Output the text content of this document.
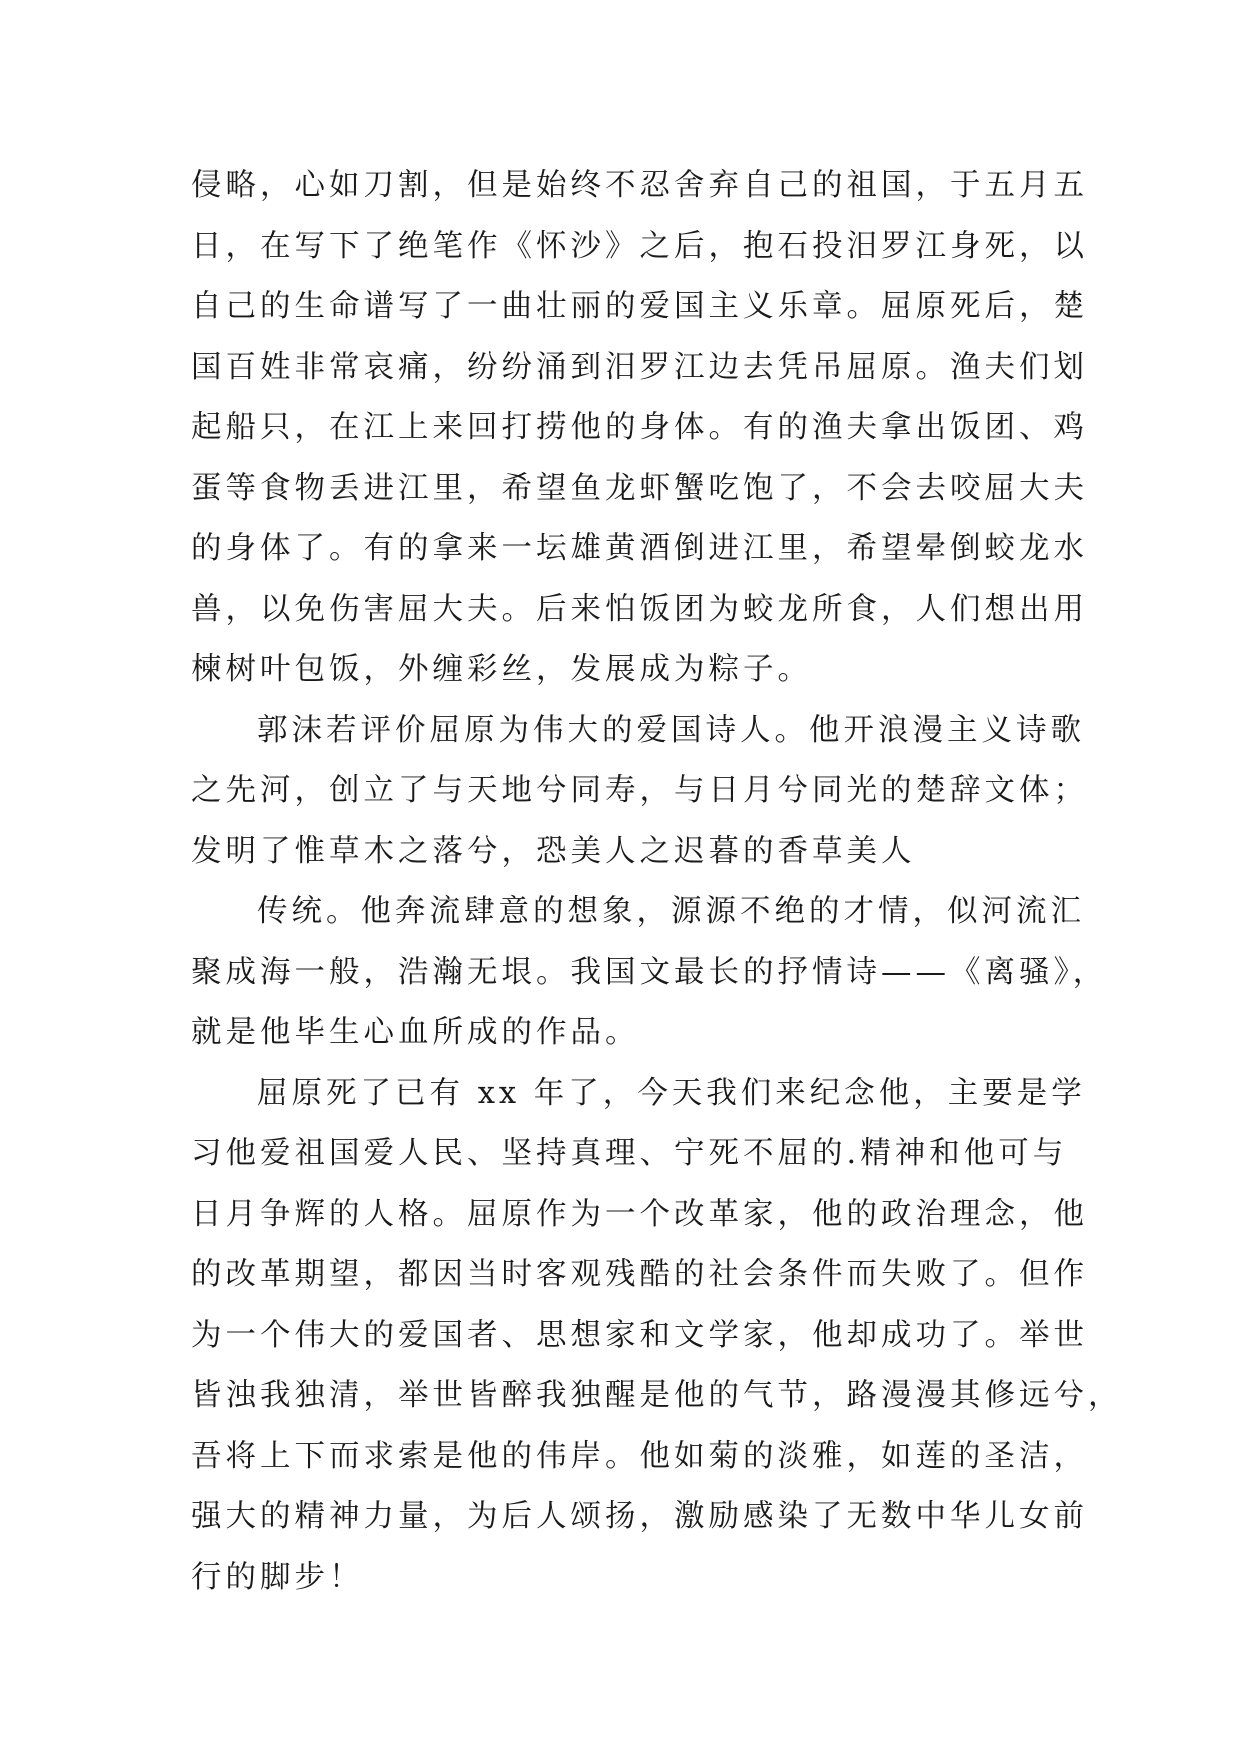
侵略，心如刀割，但是始终不忍舍弃自己的祖国，于五月五
日，在写下了绝笔作《怀沙》之后，抱石投汨罗江身死，以
自己的生命谱写了一曲壮丽的爱国主义乐章。屈原死后，楚
国百姓非常哀痛，纷纷涌到汨罗江边去凭吊屈原。渔夫们划
起船只，在江上来回打捞他的身体。有的渔夫拿出饭团、鸡
蛋等食物丢进江里，希望鱼龙虾蟹吃饱了，不会去咬屈大夫
的身体了。有的拿来一坛雄黄酒倒进江里，希望晕倒蛟龙水
兽，以免伤害屈大夫。后来怕饭团为蛟龙所食，人们想出用
楝树叶包饭，外缠彩丝，发展成为粽子。
郭沫若评价屈原为伟大的爱国诗人。他开浪漫主义诗歌
之先河，创立了与天地兮同寿，与日月兮同光的楚辞文体；
发明了惟草木之落兮，恐美人之迟暮的香草美人
传统。他奔流肆意的想象，源源不绝的才情，似河流汇
聚成海一般，浩瀚无垠。我国文最长的抒情诗——《离骚》，
就是他毕生心血所成的作品。
屈原死了已有 xx 年了，今天我们来纪念他，主要是学
习他爱祖国爱人民、坚持真理、宁死不屈的.精神和他可与
日月争辉的人格。屈原作为一个改革家，他的政治理念，他
的改革期望，都因当时客观残酷的社会条件而失败了。但作
为一个伟大的爱国者、思想家和文学家，他却成功了。举世
皆浊我独清，举世皆醉我独醒是他的气节，路漫漫其修远兮，
吾将上下而求索是他的伟岸。他如菊的淡雅，如莲的圣洁，
强大的精神力量，为后人颂扬，激励感染了无数中华儿女前
行的脚步！
